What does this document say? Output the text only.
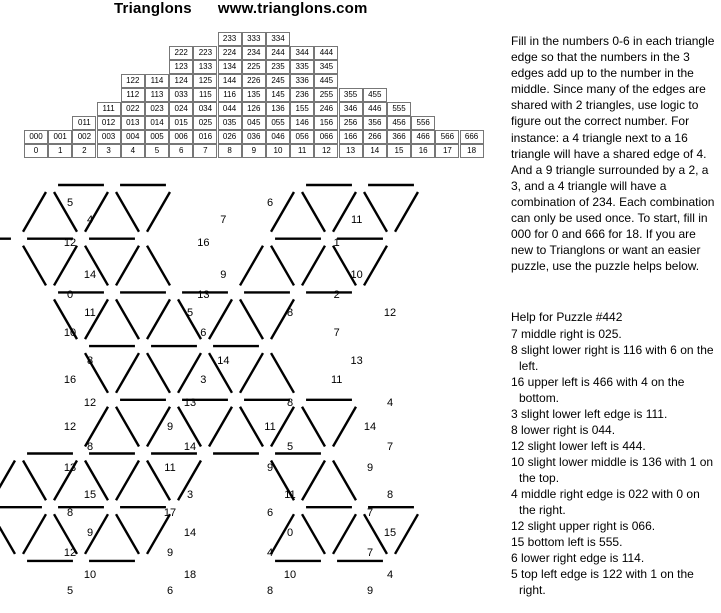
Trianglons www.trianglons.com
233	333	334
222	223	224	234	244	344	444
123	133	134	225	235	335	345
122	114	124	125	144	226	245	336	445
112	113	033	115	116	135	145	236	255	355	455
111	022	023	024	034	044	126	136	155	246	346	446	555
011	012	013	014	015	025	035	045	055	146	156	256	356	456	556
000	001	002	003	004	005	006	016	026	036	046	056	066	166	266	366	466	566	666
0	1	2	3	4	5	6	7	8	9	10	11	12	13	14	15	16	17	18
5	6
4	7	11
12	16	1
14	9	10
0	13	2
11	5	8	12
10	6	7
8	14	13
16	3	11
12	13	8	4
12	9	11	14
8	14	5	7
13	11	9	9
15	3	11	8
8	17	6	7
9	14	0	15
12	9	4	7
10	18	10	4
5	6	8	9
Fill in the numbers 0-6 in each triangle edge so that the numbers in the 3 edges add up to the number in the middle. Since many of the edges are shared with 2 triangles, use logic to figure out the correct number. For instance: a 4 triangle next to a 16 triangle will have a shared edge of 4. And a 9 triangle surrounded by a 2, a 3, and a 4 triangle will have a combination of 234. Each combination can only be used once. To start, fill in 000 for 0 and 666 for 18. If you are new to Trianglons or want an easier puzzle, use the puzzle helps below.
Help for Puzzle #442
7 middle right is 025.
8 slight lower right is 116 with 6 on the left.
16 upper left is 466 with 4 on the bottom.
3 slight lower left edge is 111.
8 lower right is 044.
12 slight lower left is 444.
10 slight lower middle is 136 with 1 on the top.
4 middle right edge is 022 with 0 on the right.
12 slight upper right is 066.
15 bottom left is 555.
6 lower right edge is 114.
5 top left edge is 122 with 1 on the right.
